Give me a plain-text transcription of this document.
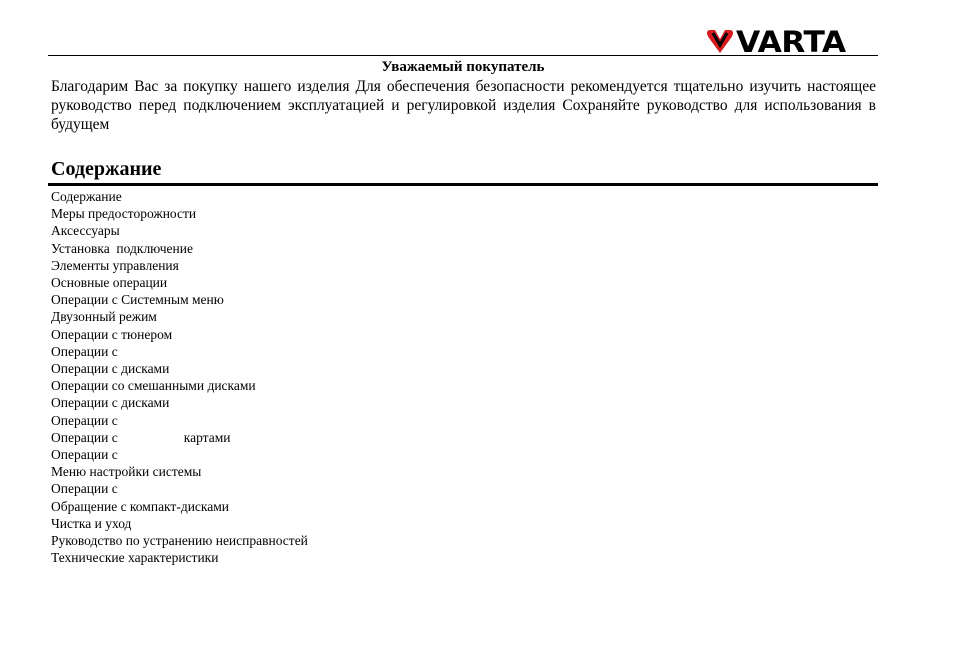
VARTA
Уважаемый покупатель
Благодарим Вас за покупку нашего изделия Для обеспечения безопасности рекомендуется тщательно изучить настоящее руководство перед подключением эксплуатацией и регулировкой изделия Сохраняйте руководство для использования в будущем
Содержание
Содержание
Меры предосторожности
Аксессуары
Установка  подключение
Элементы управления
Основные операции
Операции с Системным меню
Двузонный режим
Операции с тюнером
Операции с
Операции с дисками
Операции со смешанными дисками
Операции с дисками
Операции с
Операции с	картами
Операции с
Меню настройки системы
Операции с
Обращение с компакт-дисками
Чистка и уход
Руководство по устранению неисправностей
Технические характеристики
